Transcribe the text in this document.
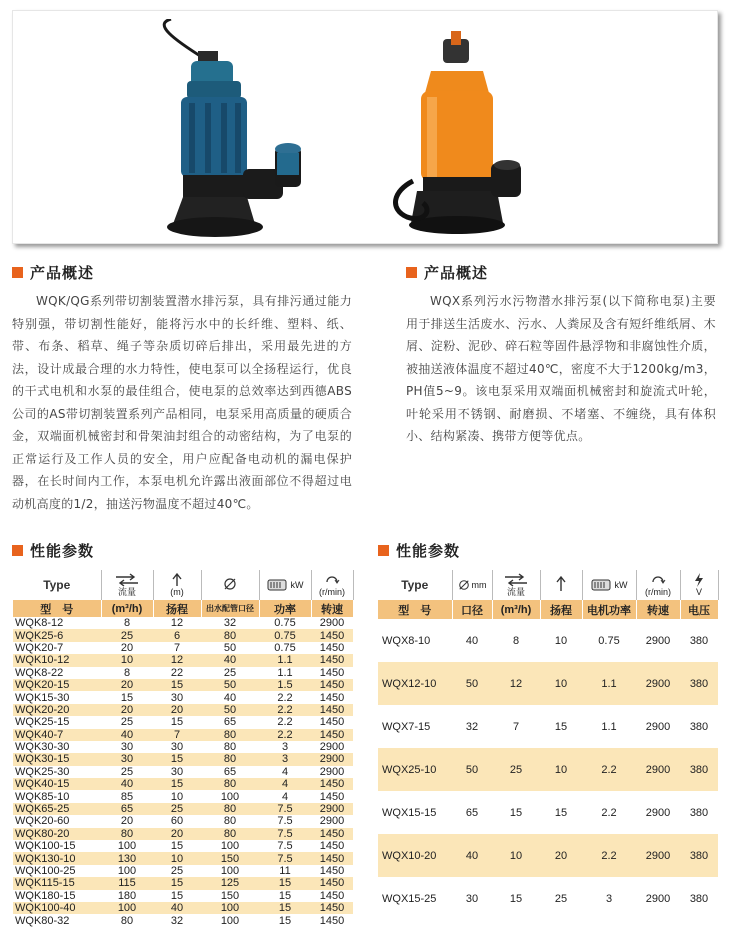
产品概述

WQK/QG系列带切割装置潜水排污泵，具有排污通过能力特别强，带切割性能好，能将污水中的长纤维、塑料、纸、带、布条、稻草、绳子等杂质切碎后排出，采用最先进的方法，设计成最合理的水力特性，使电泵可以全扬程运行，优良的干式电机和水泵的最佳组合，使电泵的总效率达到西德ABS公司的AS带切割装置系列产品相同，电泵采用高质量的硬质合金，双端面机械密封和骨架油封组合的动密结构，为了电泵的正常运行及工作人员的安全，用户应配备电动机的漏电保护器，在长时间内工作，本泵电机允许露出液面部位不得超过电动机高度的1/2，抽送污物温度不超过40℃。

产品概述

WQX系列污水污物潜水排污泵(以下简称电泵)主要用于排送生活废水、污水、人粪尿及含有短纤维纸屑、木屑、淀粉、泥砂、碎石粒等固件悬浮物和非腐蚀性介质，被抽送液体温度不超过40℃，密度不大于1200kg/m3，PH值5~9。该电泵采用双端面机械密封和旋流式叶轮，叶轮采用不锈钢、耐磨损、不堵塞、不缠绕，具有体积小、结构紧凑、携带方便等优点。

性能参数	性能参数
Type	流量	(m)		kW	(r/min)

型　号	(m³/h)	扬程	出水配管口径	功率	转速
WQK8-12	8	12	32	0.75	2900
WQK25-6	25	6	80	0.75	1450
WQK20-7	20	7	50	0.75	1450
WQK10-12	10	12	40	1.1	1450
WQK8-22	8	22	25	1.1	1450
WQK20-15	20	15	50	1.5	1450
WQK15-30	15	30	40	2.2	1450
WQK20-20	20	20	50	2.2	1450
WQK25-15	25	15	65	2.2	1450
WQK40-7	40	7	80	2.2	1450
WQK30-30	30	30	80	3	2900
WQK30-15	30	15	80	3	2900
WQK25-30	25	30	65	4	2900
WQK40-15	40	15	80	4	1450
WQK85-10	85	10	100	4	1450
WQK65-25	65	25	80	7.5	2900
WQK20-60	20	60	80	7.5	2900
WQK80-20	80	20	80	7.5	1450
WQK100-15	100	15	100	7.5	1450
WQK130-10	130	10	150	7.5	1450
WQK100-25	100	25	100	11	1450
WQK115-15	115	15	125	15	1450
WQK180-15	180	15	150	15	1450
WQK100-40	100	40	100	15	1450
WQK80-32	80	32	100	15	1450
Type	mm	流量		kW	(r/min)	V

型　号	口径	(m³/h)	扬程	电机功率	转速	电压
WQX8-10	40	8	10	0.75	2900	380
WQX12-10	50	12	10	1.1	2900	380
WQX7-15	32	7	15	1.1	2900	380
WQX25-10	50	25	10	2.2	2900	380
WQX15-15	65	15	15	2.2	2900	380
WQX10-20	40	10	20	2.2	2900	380
WQX15-25	30	15	25	3	2900	380
